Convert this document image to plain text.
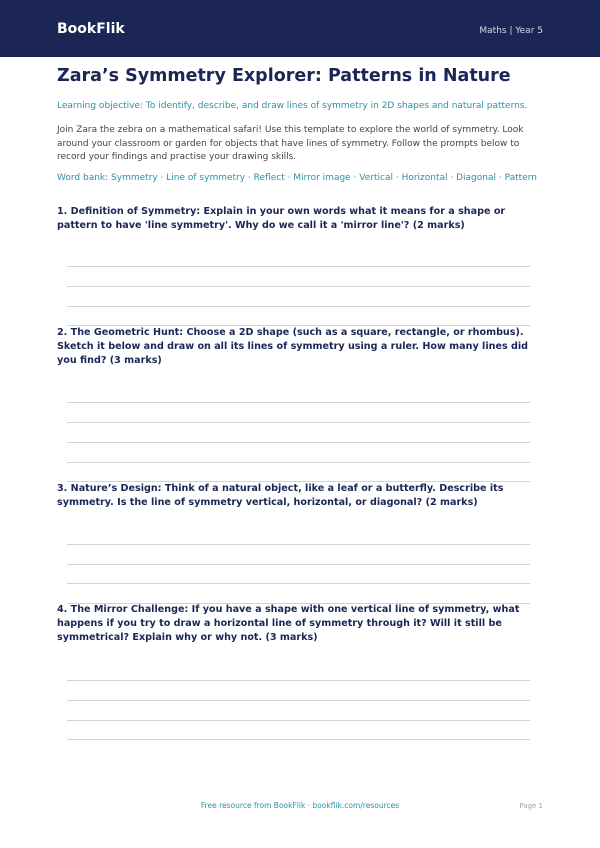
BookFlik	Maths | Year 5
Zara’s Symmetry Explorer: Patterns in Nature
Learning objective: To identify, describe, and draw lines of symmetry in 2D shapes and natural patterns.
Join Zara the zebra on a mathematical safari! Use this template to explore the world of symmetry. Look around your classroom or garden for objects that have lines of symmetry. Follow the prompts below to record your findings and practise your drawing skills.
Word bank: Symmetry · Line of symmetry · Reflect · Mirror image · Vertical · Horizontal · Diagonal · Pattern
1. Definition of Symmetry: Explain in your own words what it means for a shape or pattern to have 'line symmetry'. Why do we call it a 'mirror line'? (2 marks)
2. The Geometric Hunt: Choose a 2D shape (such as a square, rectangle, or rhombus). Sketch it below and draw on all its lines of symmetry using a ruler. How many lines did you find? (3 marks)
3. Nature’s Design: Think of a natural object, like a leaf or a butterfly. Describe its symmetry. Is the line of symmetry vertical, horizontal, or diagonal? (2 marks)
4. The Mirror Challenge: If you have a shape with one vertical line of symmetry, what happens if you try to draw a horizontal line of symmetry through it? Will it still be symmetrical? Explain why or why not. (3 marks)
Free resource from BookFlik · bookflik.com/resources	Page 1
